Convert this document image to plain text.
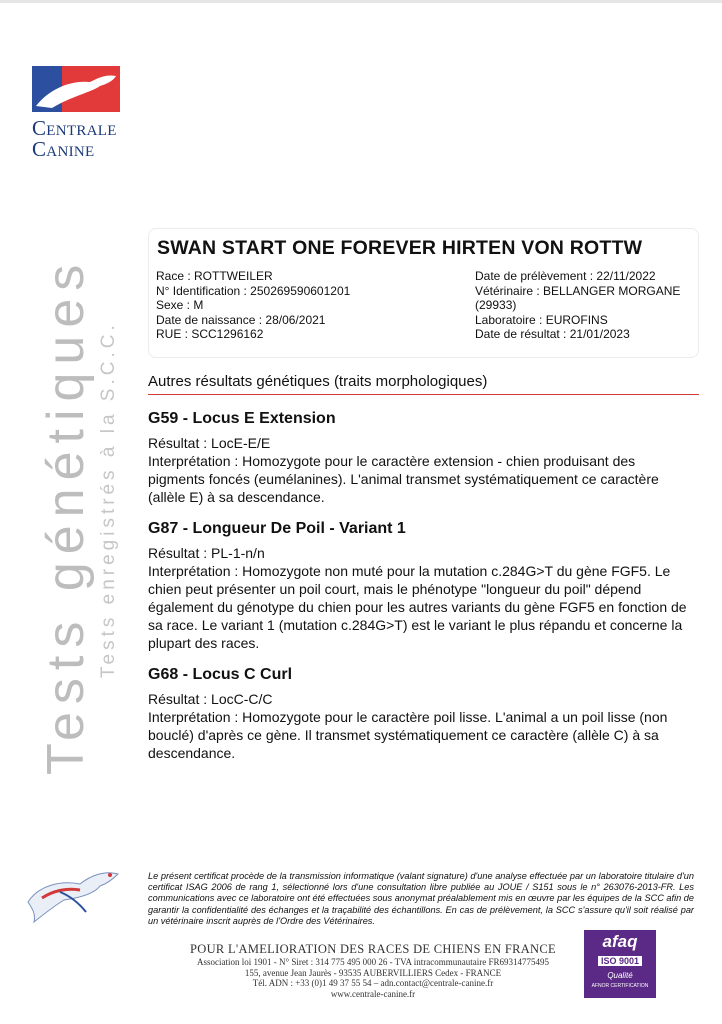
Centrale
Canine
Tests génétiques Tests enregistrés à la S.C.C.
SWAN START ONE FOREVER HIRTEN VON ROTTW
Race : ROTTWEILER
N° Identification : 250269590601201
Sexe : M
Date de naissance : 28/06/2021
RUE : SCC1296162
Date de prélèvement : 22/11/2022
Vétérinaire : BELLANGER MORGANE
(29933)
Laboratoire : EUROFINS
Date de résultat : 21/01/2023
Autres résultats génétiques (traits morphologiques)
G59 - Locus E Extension
Résultat : LocE-E/E
Interprétation : Homozygote pour le caractère extension - chien produisant des pigments foncés (eumélanines). L'animal transmet systématiquement ce caractère (allèle E) à sa descendance.
G87 - Longueur De Poil - Variant 1
Résultat : PL-1-n/n
Interprétation : Homozygote non muté pour la mutation c.284G>T du gène FGF5. Le chien peut présenter un poil court, mais le phénotype "longueur du poil" dépend également du génotype du chien pour les autres variants du gène FGF5 en fonction de sa race. Le variant 1 (mutation c.284G>T) est le variant le plus répandu et concerne la plupart des races.
G68 - Locus C Curl
Résultat : LocC-C/C
Interprétation : Homozygote pour le caractère poil lisse. L'animal a un poil lisse (non bouclé) d'après ce gène. Il transmet systématiquement ce caractère (allèle C) à sa descendance.
Le présent certificat procède de la transmission informatique (valant signature) d'une analyse effectuée par un laboratoire titulaire d'un certificat ISAG 2006 de rang 1, sélectionné lors d'une consultation libre publiée au JOUE / S151 sous le n° 263076-2013-FR. Les communications avec ce laboratoire ont été effectuées sous anonymat préalablement mis en œuvre par les équipes de la SCC afin de garantir la confidentialité des échanges et la traçabilité des échantillons. En cas de prélèvement, la SCC s'assure qu'il soit réalisé par un vétérinaire inscrit auprès de l'Ordre des Vétérinaires.
POUR L'AMELIORATION DES RACES DE CHIENS EN FRANCE
Association loi 1901 - N° Siret : 314 775 495 000 26 - TVA intracommunautaire FR69314775495
155, avenue Jean Jaurès - 93535 AUBERVILLIERS Cedex - FRANCE
Tél. ADN : +33 (0)1 49 37 55 54 – adn.contact@centrale-canine.fr
www.centrale-canine.fr
afaq
ISO 9001
Qualité
AFNOR CERTIFICATION
